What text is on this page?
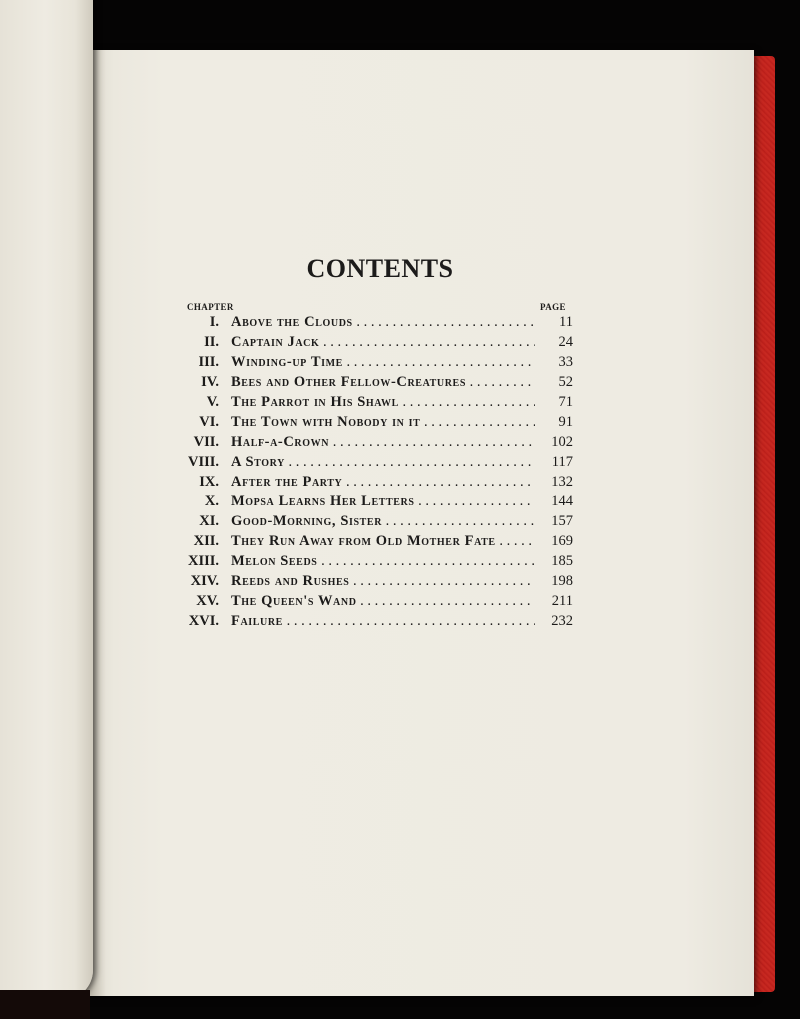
CONTENTS
CHAPTER	PAGE
I. Above the Clouds . . .	11
II. Captain Jack . . .	24
III. Winding-up Time . . .	33
IV. Bees and Other Fellow-Creatures . . .	52
V. The Parrot in His Shawl . . .	71
VI. The Town with Nobody in it . . .	91
VII. Half-a-Crown . . .	102
VIII. A Story . . .	117
IX. After the Party . . .	132
X. Mopsa Learns Her Letters . . .	144
XI. Good-Morning, Sister . . .	157
XII. They Run Away from Old Mother Fate . . .	169
XIII. Melon Seeds . . .	185
XIV. Reeds and Rushes . . .	198
XV. The Queen's Wand . . .	211
XVI. Failure . . .	232
